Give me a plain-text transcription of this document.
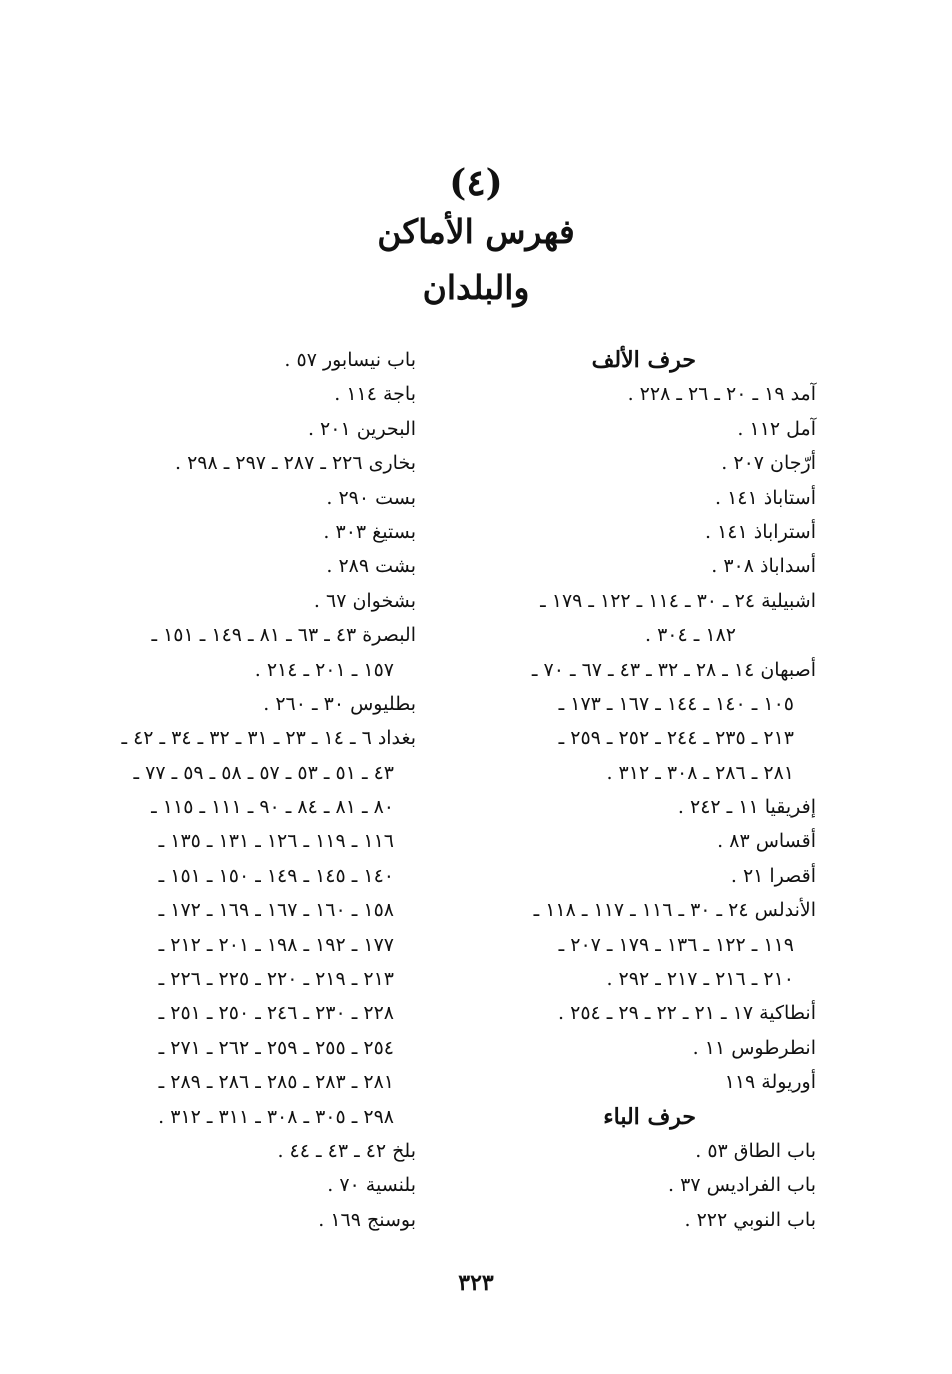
(٤)
فهرس الأماكن
والبلدان
حرف الألف
آمد ١٩ ـ ٢٠ ـ ٢٦ ـ ٢٢٨ .
آمل ١١٢ .
أرّجان ٢٠٧ .
أستاباذ ١٤١ .
أستراباذ ١٤١ .
أسداباذ ٣٠٨ .
اشبيلية ٢٤ ـ ٣٠ ـ ١١٤ ـ ١٢٢ ـ ١٧٩ ـ
١٨٢ ـ ٣٠٤ .
أصبهان ١٤ ـ ٢٨ ـ ٣٢ ـ ٤٣ ـ ٦٧ ـ ٧٠ ـ
١٠٥ ـ ١٤٠ ـ ١٤٤ ـ ١٦٧ ـ ١٧٣ ـ
٢١٣ ـ ٢٣٥ ـ ٢٤٤ ـ ٢٥٢ ـ ٢٥٩ ـ
٢٨١ ـ ٢٨٦ ـ ٣٠٨ ـ ٣١٢ .
إفريقيا ١١ ـ ٢٤٢ .
أقساس ٨٣ .
أقصرا ٢١ .
الأندلس ٢٤ ـ ٣٠ ـ ١١٦ ـ ١١٧ ـ ١١٨ ـ
١١٩ ـ ١٢٢ ـ ١٣٦ ـ ١٧٩ ـ ٢٠٧ ـ
٢١٠ ـ ٢١٦ ـ ٢١٧ ـ ٢٩٢ .
أنطاكية ١٧ ـ ٢١ ـ ٢٢ ـ ٢٩ ـ ٢٥٤ .
انطرطوس ١١ .
أوريولة ١١٩
حرف الباء
باب الطاق ٥٣ .
باب الفراديس ٣٧ .
باب النوبي ٢٢٢ .
باب نيسابور ٥٧ .
باجة ١١٤ .
البحرين ٢٠١ .
بخارى ٢٢٦ ـ ٢٨٧ ـ ٢٩٧ ـ ٢٩٨ .
بست ٢٩٠ .
بستيغ ٣٠٣ .
بشت ٢٨٩ .
بشخوان ٦٧ .
البصرة ٤٣ ـ ٦٣ ـ ٨١ ـ ١٤٩ ـ ١٥١ ـ
١٥٧ ـ ٢٠١ ـ ٢١٤ .
بطليوس ٣٠ ـ ٢٦٠ .
بغداد ٦ ـ ١٤ ـ ٢٣ ـ ٣١ ـ ٣٢ ـ ٣٤ ـ ٤٢ ـ
٤٣ ـ ٥١ ـ ٥٣ ـ ٥٧ ـ ٥٨ ـ ٥٩ ـ ٧٧ ـ
٨٠ ـ ٨١ ـ ٨٤ ـ ٩٠ ـ ١١١ ـ ١١٥ ـ
١١٦ ـ ١١٩ ـ ١٢٦ ـ ١٣١ ـ ١٣٥ ـ
١٤٠ ـ ١٤٥ ـ ١٤٩ ـ ١٥٠ ـ ١٥١ ـ
١٥٨ ـ ١٦٠ ـ ١٦٧ ـ ١٦٩ ـ ١٧٢ ـ
١٧٧ ـ ١٩٢ ـ ١٩٨ ـ ٢٠١ ـ ٢١٢ ـ
٢١٣ ـ ٢١٩ ـ ٢٢٠ ـ ٢٢٥ ـ ٢٢٦ ـ
٢٢٨ ـ ٢٣٠ ـ ٢٤٦ ـ ٢٥٠ ـ ٢٥١ ـ
٢٥٤ ـ ٢٥٥ ـ ٢٥٩ ـ ٢٦٢ ـ ٢٧١ ـ
٢٨١ ـ ٢٨٣ ـ ٢٨٥ ـ ٢٨٦ ـ ٢٨٩ ـ
٢٩٨ ـ ٣٠٥ ـ ٣٠٨ ـ ٣١١ ـ ٣١٢ .
بلخ ٤٢ ـ ٤٣ ـ ٤٤ .
بلنسية ٧٠ .
بوسنج ١٦٩ .
٣٢٣
